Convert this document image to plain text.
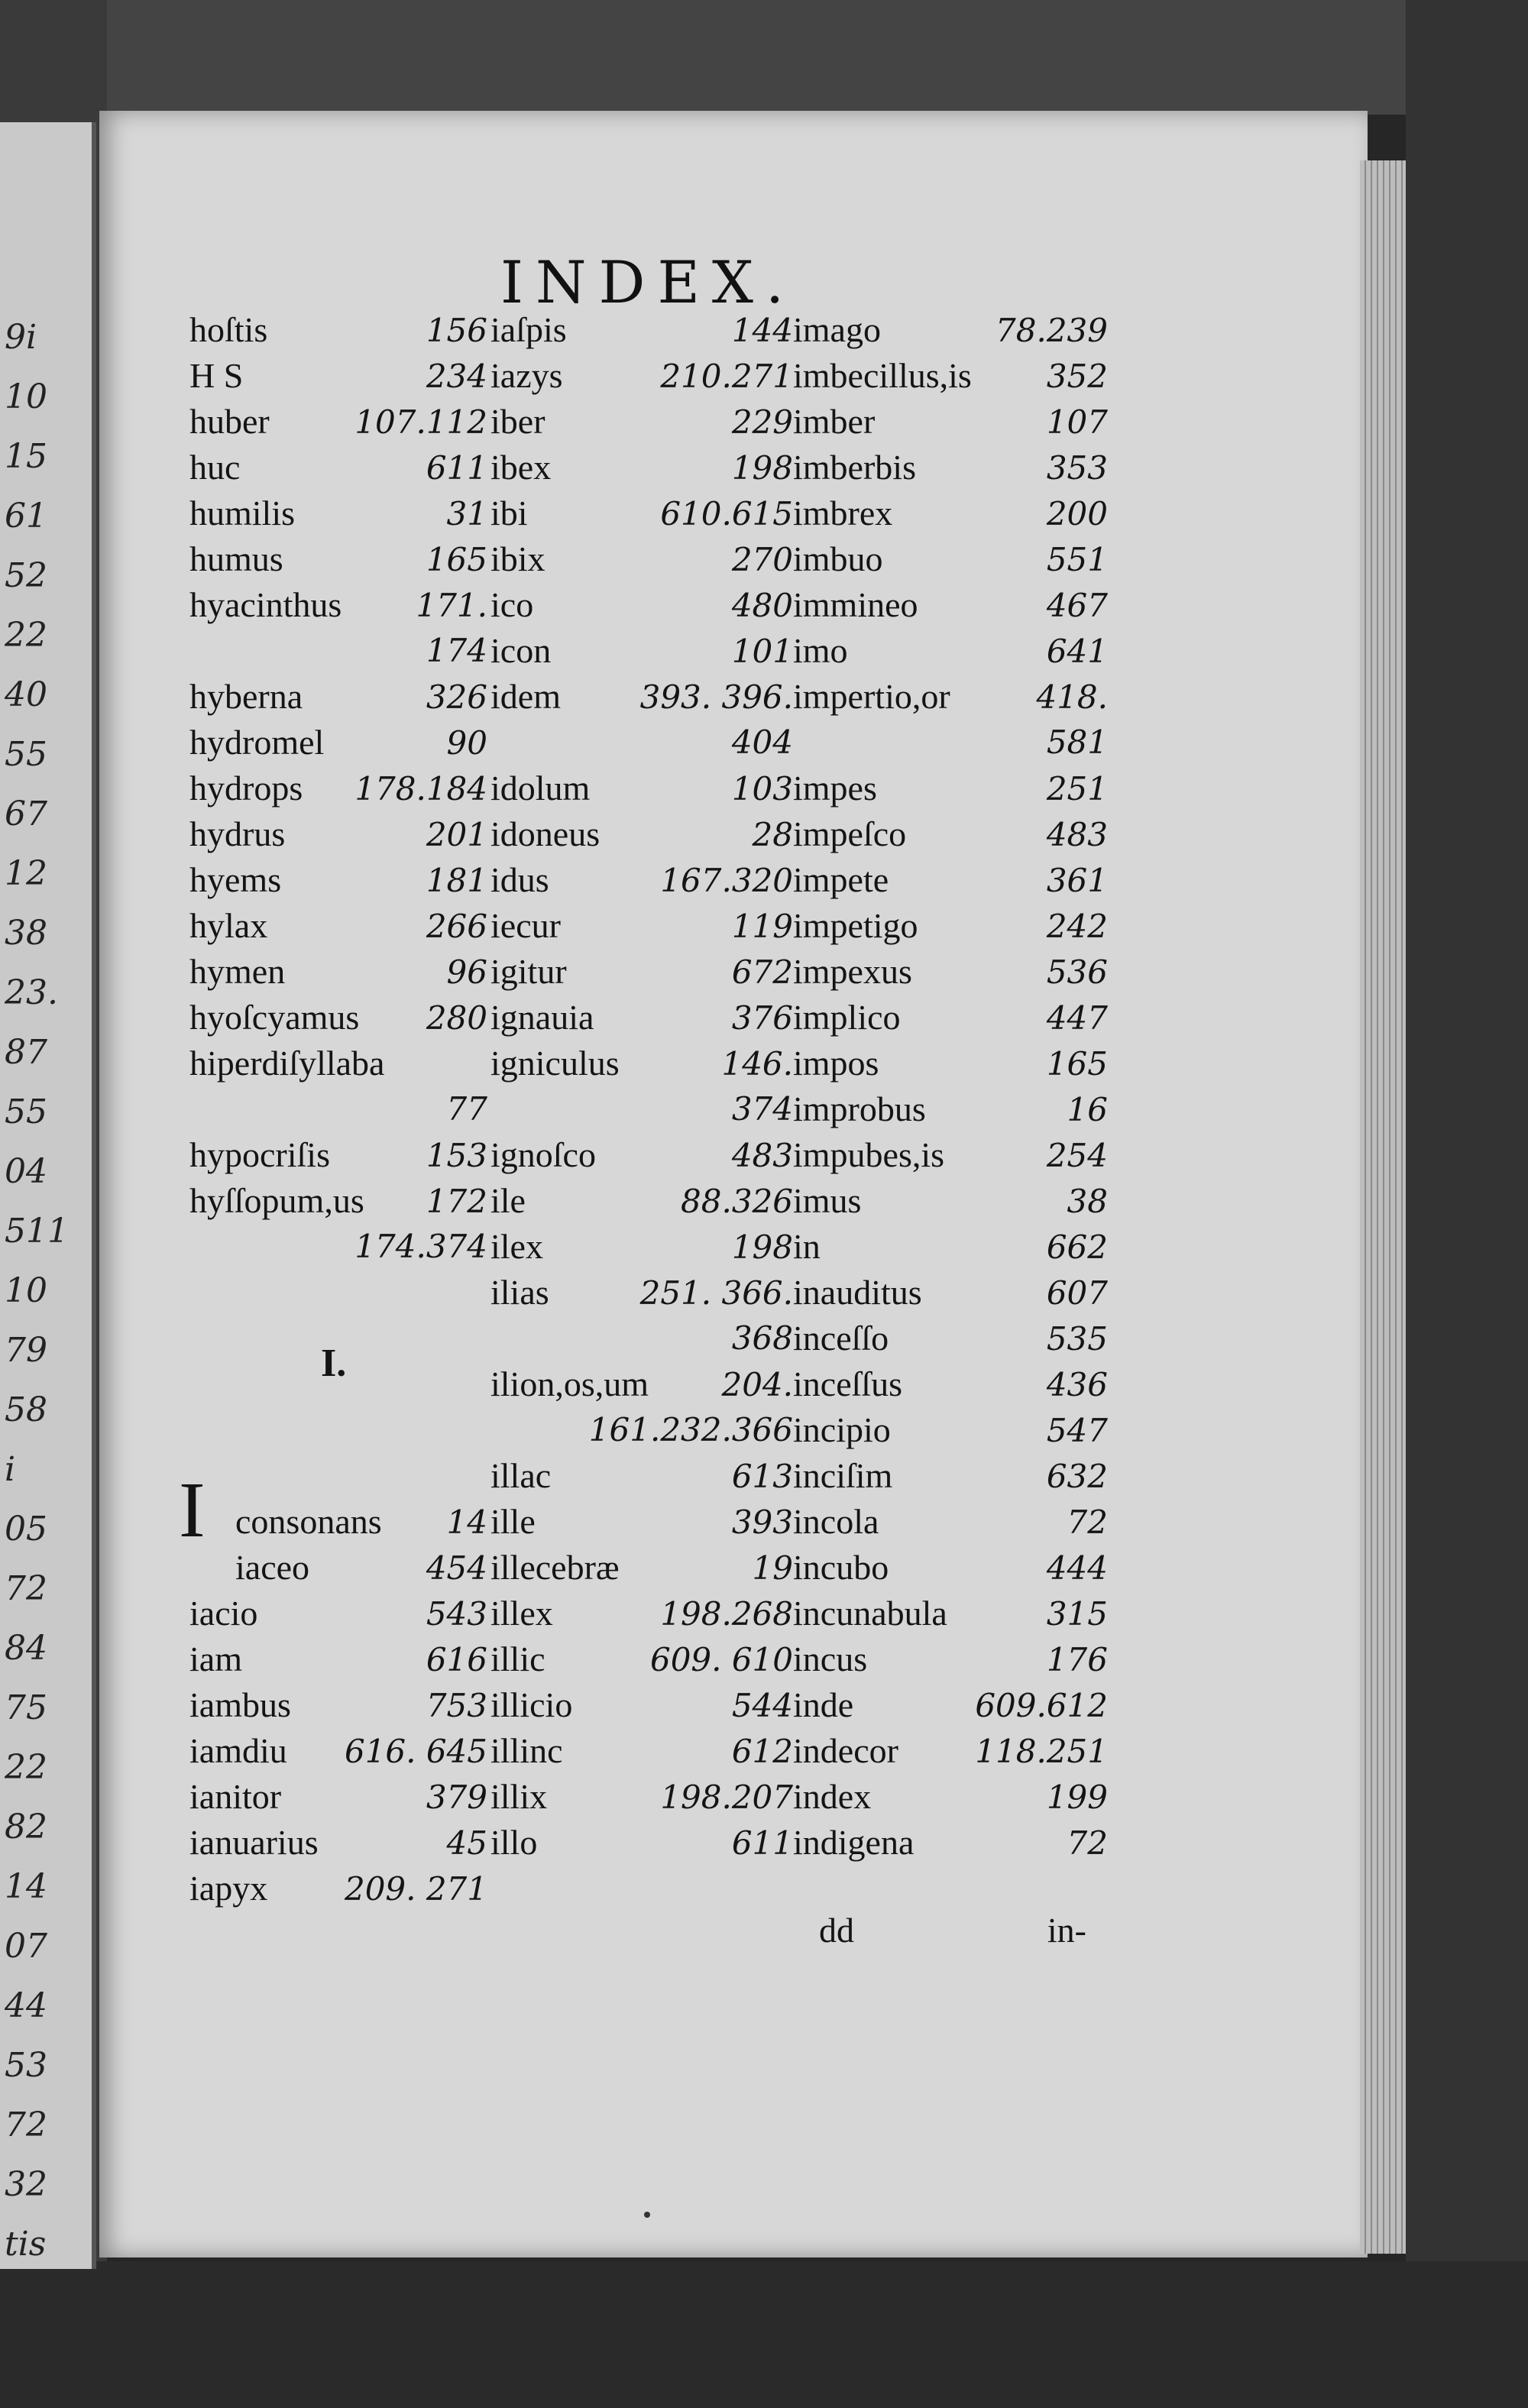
9i
10
15
61
52
22
40
55
67
12
38
23.
87
55
04
511
10
79
58
i
05
72
84
75
22
82
14
07
44
53
72
32
tis
INDEX.
hoſtis	156
H S	234
huber	107.112
huc	611
humilis	31
humus	165
hyacinthus 171.
174
hyberna	326
hydromel	90
hydrops 178.184
hydrus	201
hyems	181
hylax	266
hymen	96
hyoſcyamus 280
hiperdiſyllaba
77
hypocriſis	153
hyſſopum,us 172
174.374
consonans 14
iaceo	454
iacio	543
iam	616
iambus	753
iamdiu 616. 645
ianitor	379
ianuarius	45
iapyx 209. 271
iaſpis	144
iazys	210.271
iber	229
ibex	198
ibi	610.615
ibix	270
ico	480
icon	101
idem 393. 396.
404
idolum	103
idoneus	28
idus	167.320
iecur	119
igitur	672
ignauia	376
igniculus	146.
374
ignoſco	483
ile	88.326
ilex	198
ilias	251. 366.
368
ilion,os,um 204.
161.232.366
illac	613
ille	393
illecebræ	19
illex	198.268
illic	609. 610
illicio	544
illinc	612
illix	198.207
illo	611
imago	78.239
imbecillus,is 352
imber	107
imberbis	353
imbrex	200
imbuo	551
immineo	467
imo	641
impertio,or	418.
581
impes	251
impeſco	483
impete	361
impetigo	242
impexus	536
implico	447
impos	165
improbus	16
impubes,is	254
imus	38
in	662
inauditus	607
inceſſo	535
inceſſus	436
incipio	547
inciſim	632
incola	72
incubo	444
incunabula	315
incus	176
inde	609.612
indecor 118.251
index	199
indigena	72
I.
I
dd	in-
